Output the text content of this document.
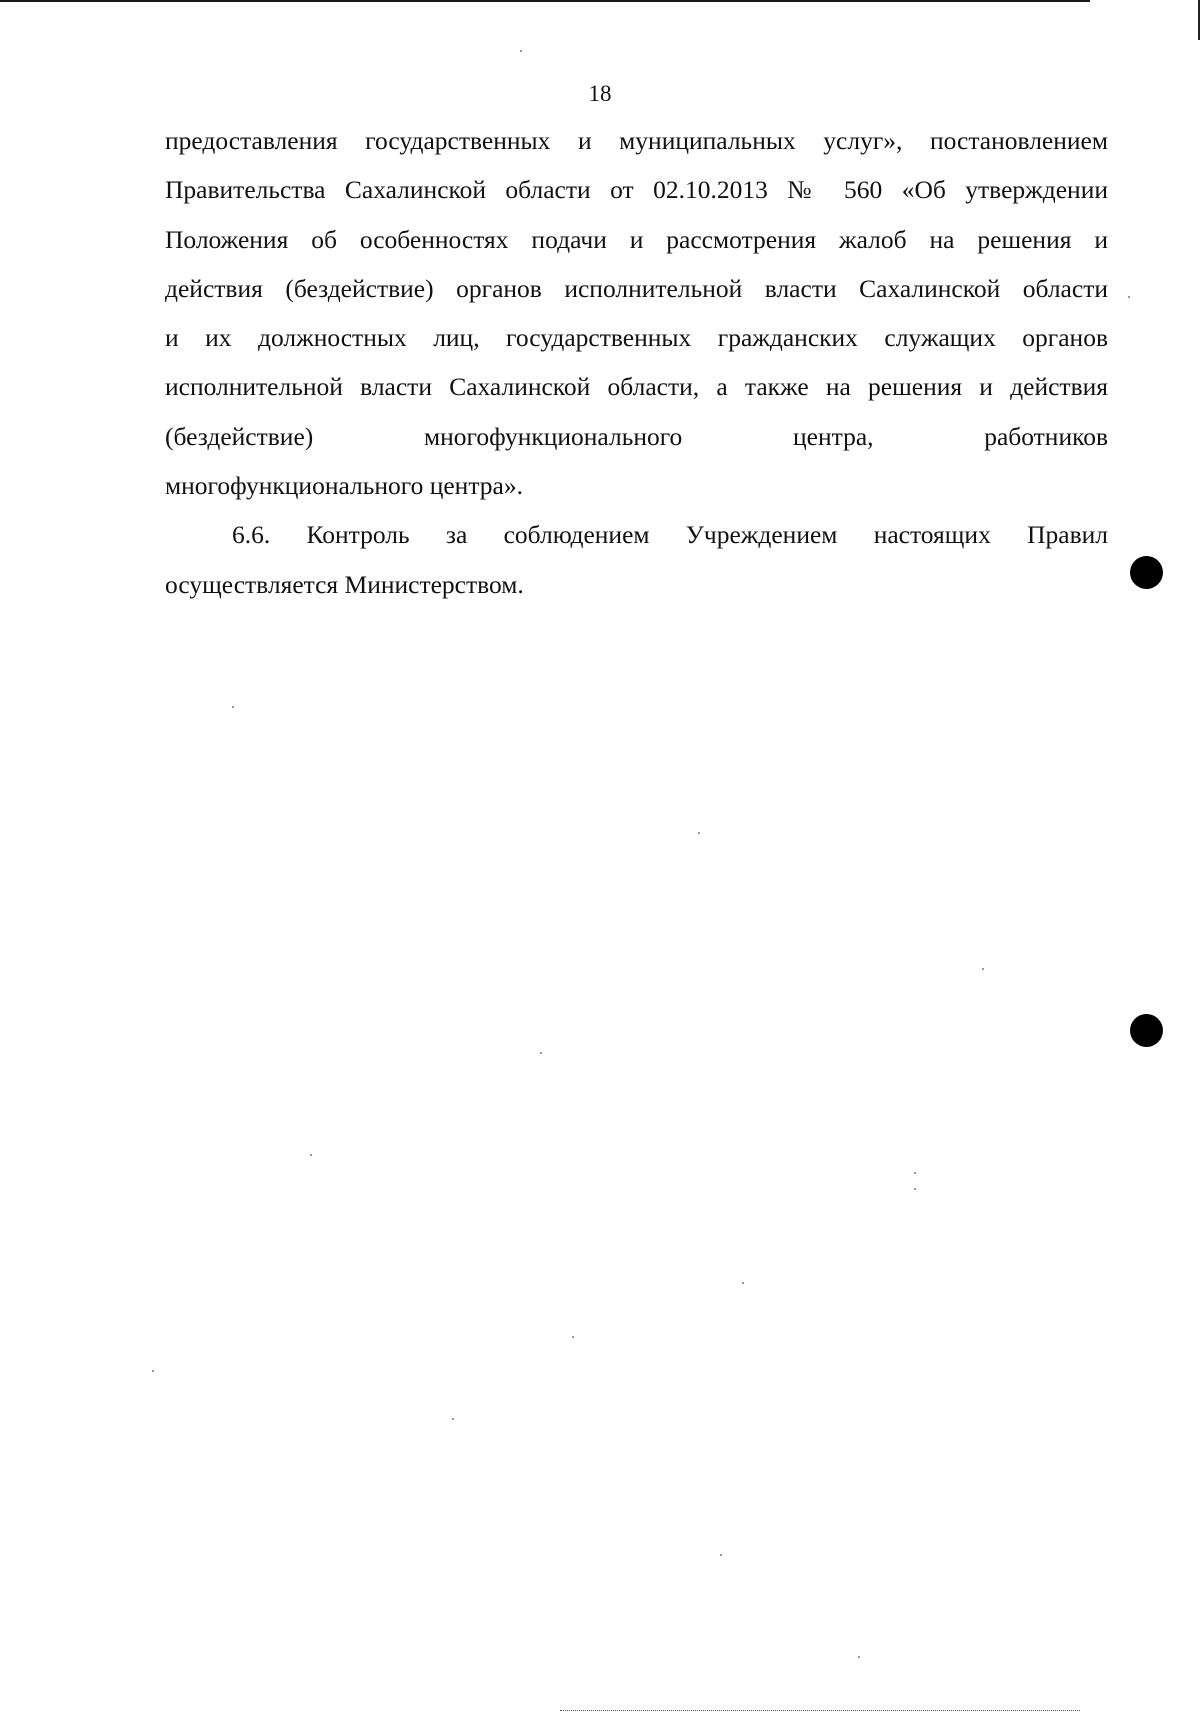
18
предоставления государственных и муниципальных услуг», постановлением
Правительства Сахалинской области от 02.10.2013 № 560 «Об утверждении
Положения об особенностях подачи и рассмотрения жалоб на решения и
действия (бездействие) органов исполнительной власти Сахалинской области
и их должностных лиц, государственных гражданских служащих органов
исполнительной власти Сахалинской области, а также на решения и действия
(бездействие) многофункционального центра, работников
многофункционального центра».
6.6. Контроль за соблюдением Учреждением настоящих Правил
осуществляется Министерством.
